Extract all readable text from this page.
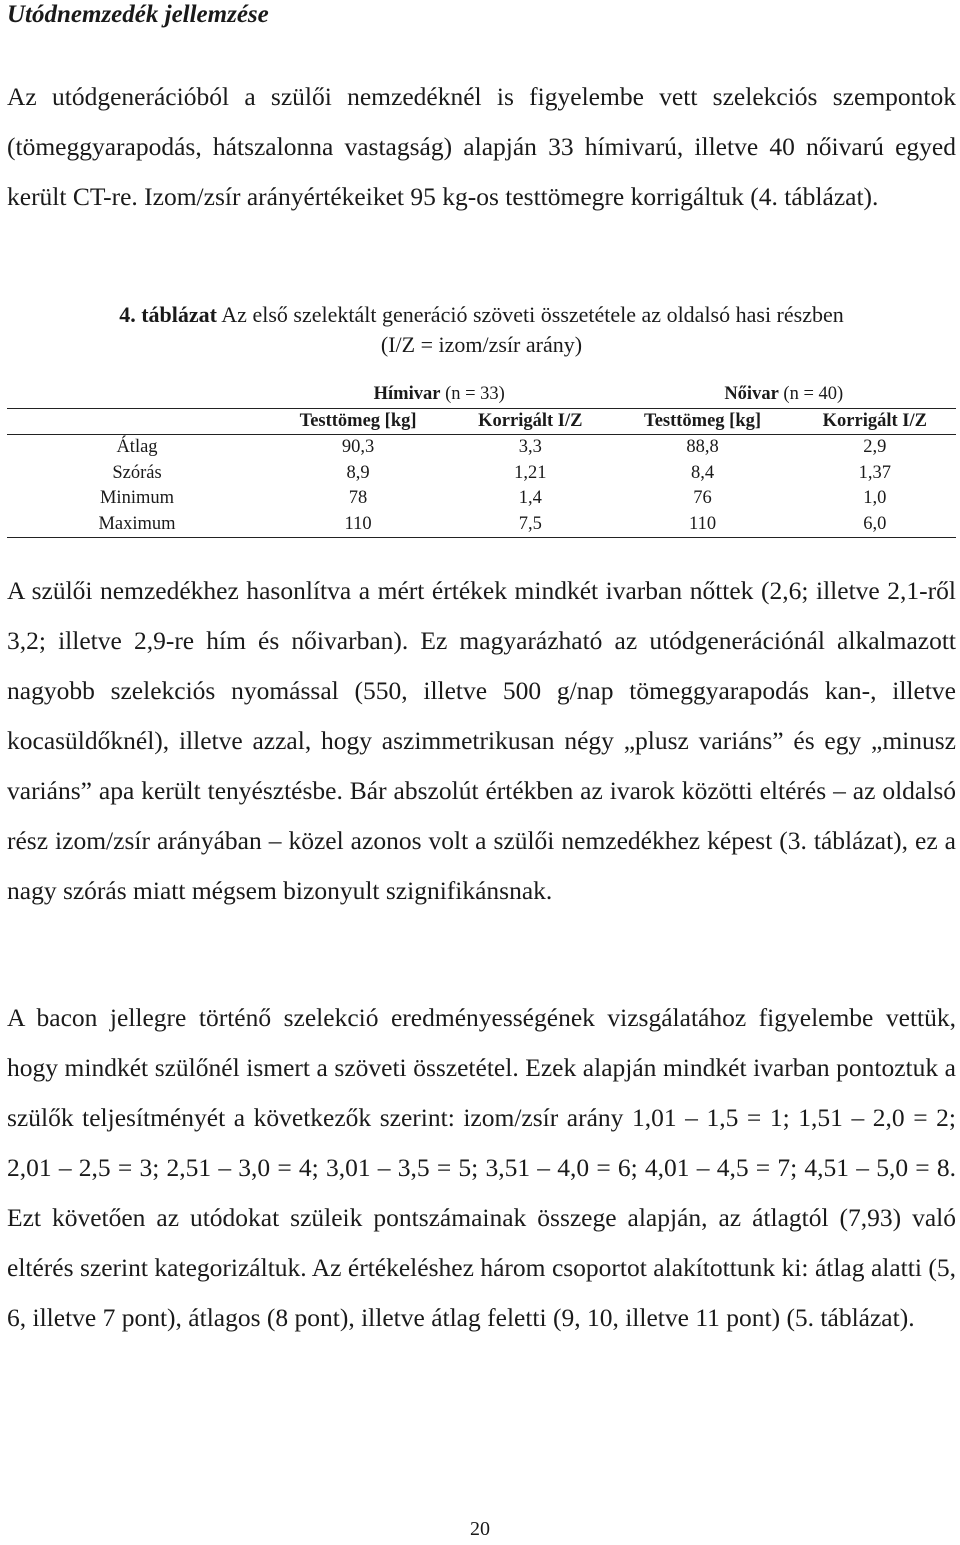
Utódnemzedék jellemzése

Az utódgenerációból a szülői nemzedéknél is figyelembe vett szelekciós szempontok (tömeggyarapodás, hátszalonna vastagság) alapján 33 hímivarú, illetve 40 nőivarú egyed került CT-re. Izom/zsír arányértékeiket 95 kg-os testtömegre korrigáltuk (4. táblázat).

4. táblázat Az első szelektált generáció szöveti összetétele az oldalsó hasi részben
(I/Z = izom/zsír arány)

	Hímivar (n = 33)		Nőivar (n = 40)	
	Testtömeg [kg]	Korrigált I/Z	Testtömeg [kg]	Korrigált I/Z
Átlag	90,3	3,3	88,8	2,9
Szórás	8,9	1,21	8,4	1,37
Minimum	78	1,4	76	1,0
Maximum	110	7,5	110	6,0

A szülői nemzedékhez hasonlítva a mért értékek mindkét ivarban nőttek (2,6; illetve 2,1-ről 3,2; illetve 2,9-re hím és nőivarban). Ez magyarázható az utódgenerációnál alkalmazott nagyobb szelekciós nyomással (550, illetve 500 g/nap tömeggyarapodás kan-, illetve kocasüldőknél), illetve azzal, hogy aszimmetrikusan négy „plusz variáns” és egy „minusz variáns” apa került tenyésztésbe. Bár abszolút értékben az ivarok közötti eltérés – az oldalsó rész izom/zsír arányában – közel azonos volt a szülői nemzedékhez képest (3. táblázat), ez a nagy szórás miatt mégsem bizonyult szignifikánsnak.

A bacon jellegre történő szelekció eredményességének vizsgálatához figyelembe vettük, hogy mindkét szülőnél ismert a szöveti összetétel. Ezek alapján mindkét ivarban pontoztuk a szülők teljesítményét a következők szerint: izom/zsír arány 1,01 – 1,5 = 1; 1,51 – 2,0 = 2; 2,01 – 2,5 = 3; 2,51 – 3,0 = 4; 3,01 – 3,5 = 5; 3,51 – 4,0 = 6; 4,01 – 4,5 = 7; 4,51 – 5,0 = 8. Ezt követően az utódokat szüleik pontszámainak összege alapján, az átlagtól (7,93) való eltérés szerint kategorizáltuk. Az értékeléshez három csoportot alakítottunk ki: átlag alatti (5, 6, illetve 7 pont), átlagos (8 pont), illetve átlag feletti (9, 10, illetve 11 pont) (5. táblázat).

20
